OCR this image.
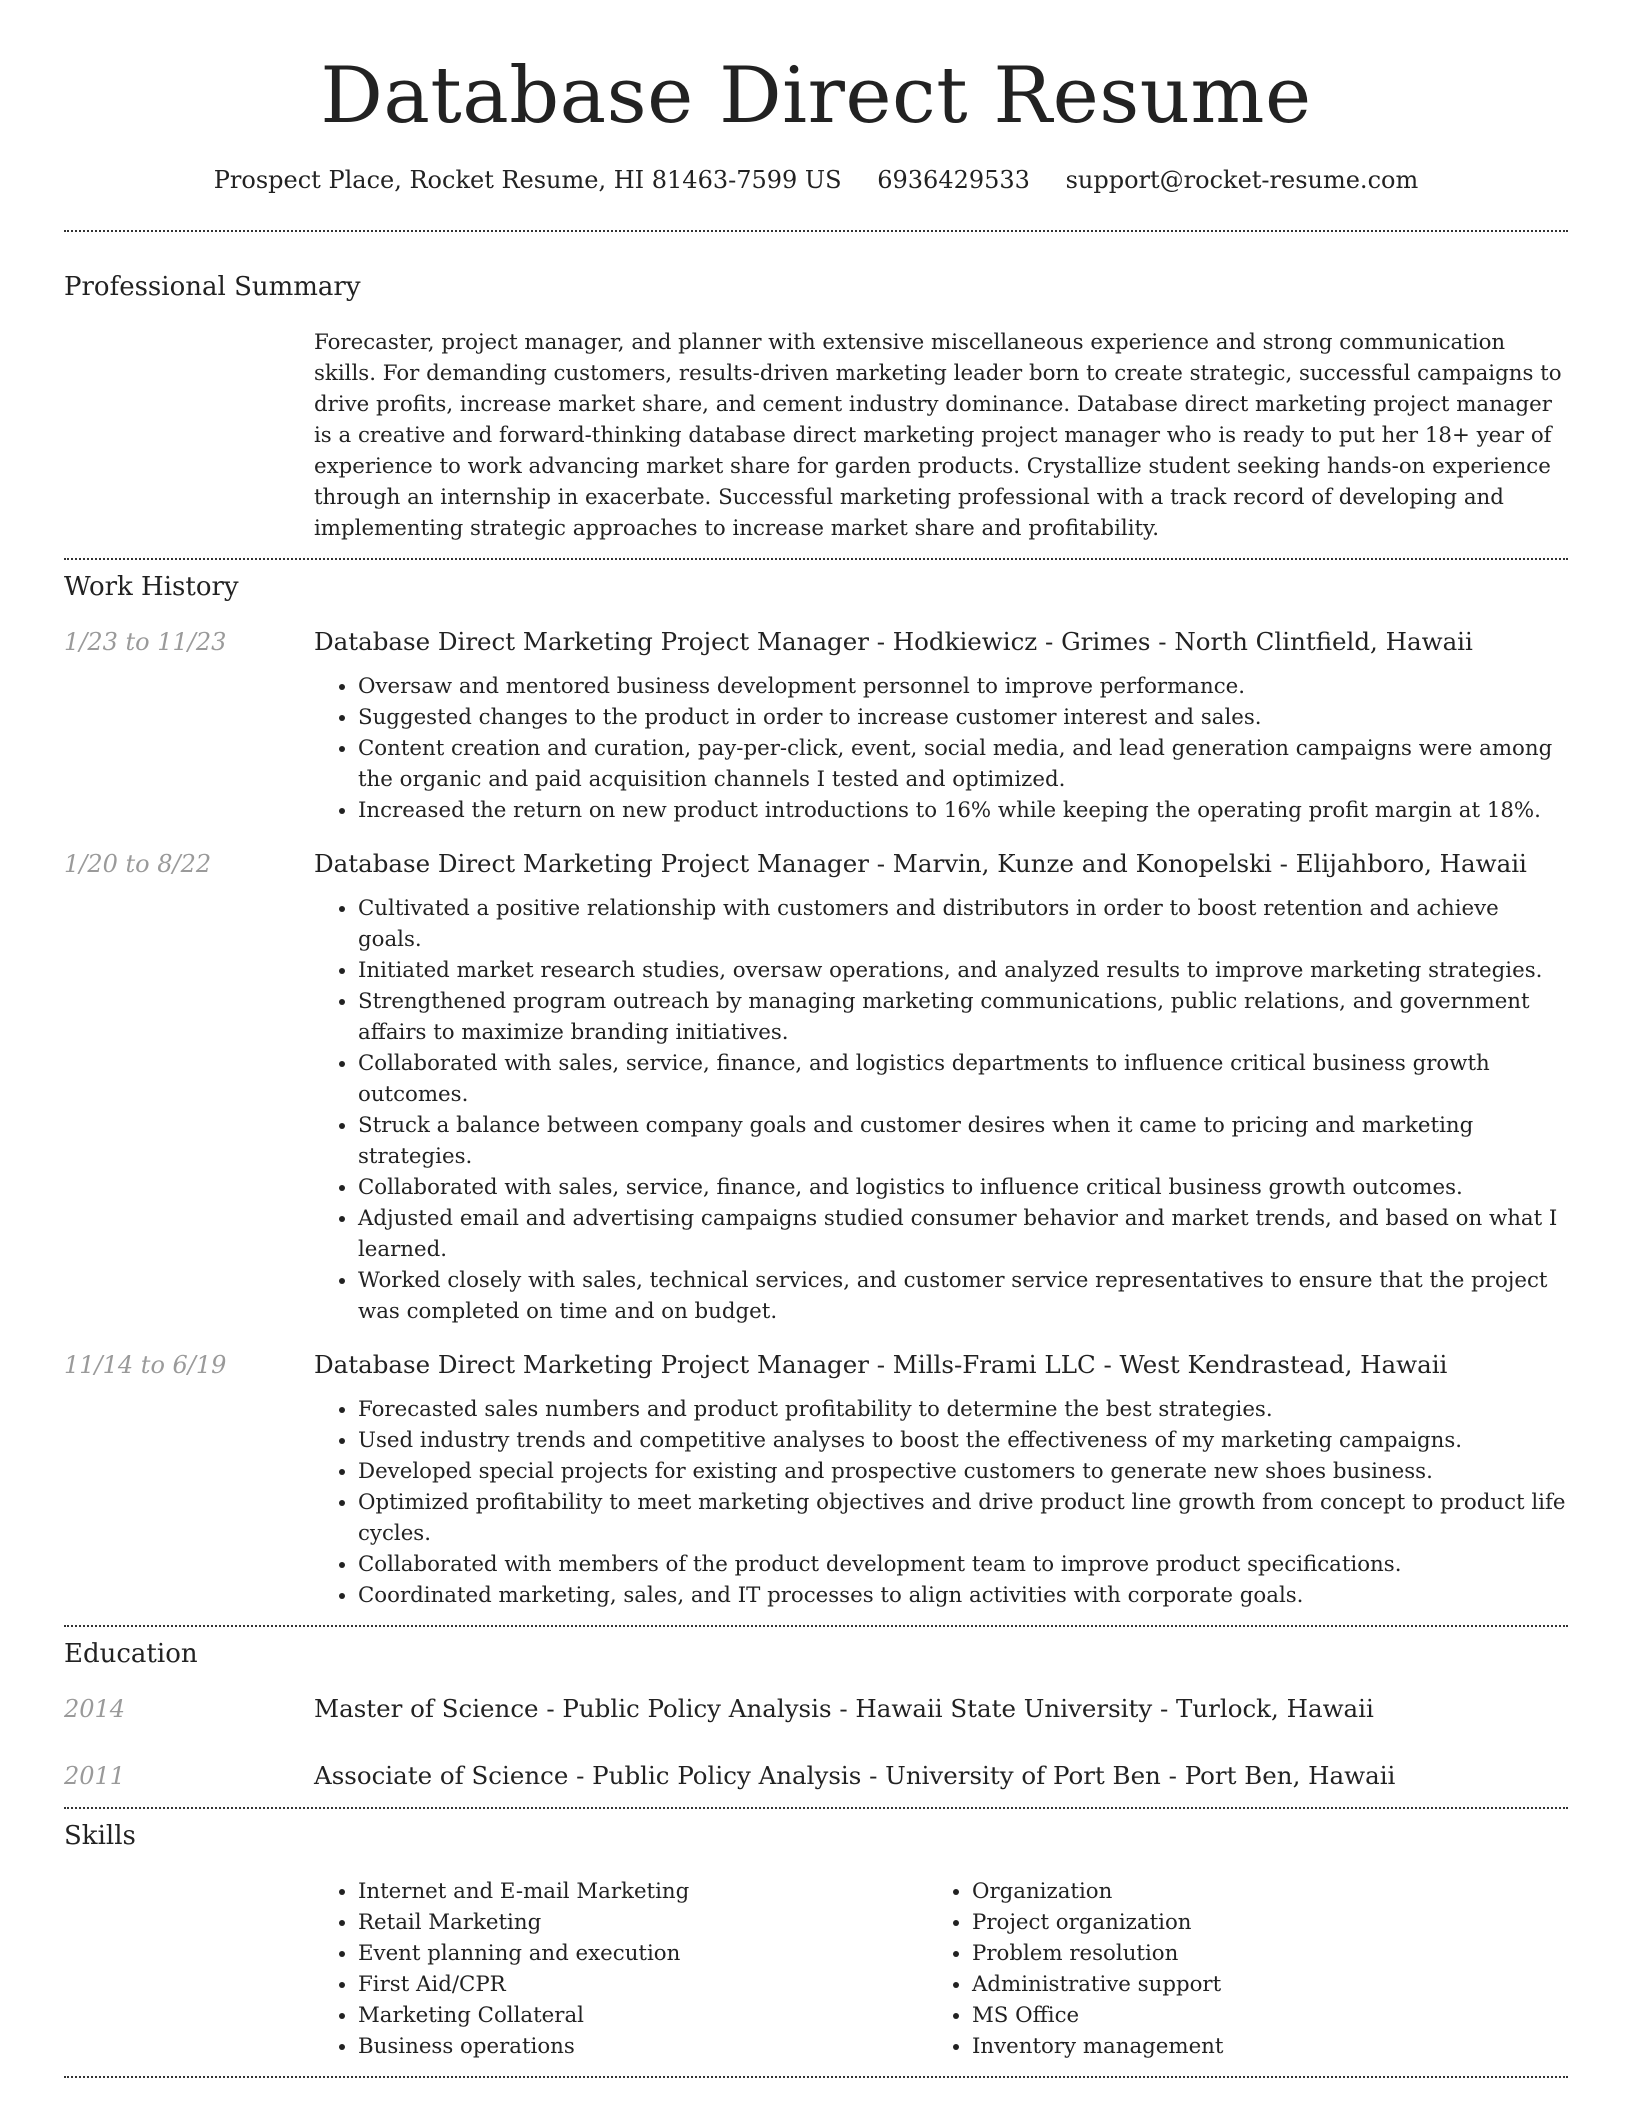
Database Direct Resume
Prospect Place, Rocket Resume, HI 81463-7599 US 6936429533 support@rocket-resume.com
Professional Summary
Forecaster, project manager, and planner with extensive miscellaneous experience and strong communication skills. For demanding customers, results-driven marketing leader born to create strategic, successful campaigns to drive profits, increase market share, and cement industry dominance. Database direct marketing project manager is a creative and forward-thinking database direct marketing project manager who is ready to put her 18+ year of experience to work advancing market share for garden products. Crystallize student seeking hands-on experience through an internship in exacerbate. Successful marketing professional with a track record of developing and implementing strategic approaches to increase market share and profitability.
Work History
1/23 to 11/23	Database Direct Marketing Project Manager - Hodkiewicz - Grimes - North Clintfield, Hawaii
• Oversaw and mentored business development personnel to improve performance.
• Suggested changes to the product in order to increase customer interest and sales.
• Content creation and curation, pay-per-click, event, social media, and lead generation campaigns were among the organic and paid acquisition channels I tested and optimized.
• Increased the return on new product introductions to 16% while keeping the operating profit margin at 18%.
1/20 to 8/22	Database Direct Marketing Project Manager - Marvin, Kunze and Konopelski - Elijahboro, Hawaii
• Cultivated a positive relationship with customers and distributors in order to boost retention and achieve goals.
• Initiated market research studies, oversaw operations, and analyzed results to improve marketing strategies.
• Strengthened program outreach by managing marketing communications, public relations, and government affairs to maximize branding initiatives.
• Collaborated with sales, service, finance, and logistics departments to influence critical business growth outcomes.
• Struck a balance between company goals and customer desires when it came to pricing and marketing strategies.
• Collaborated with sales, service, finance, and logistics to influence critical business growth outcomes.
• Adjusted email and advertising campaigns studied consumer behavior and market trends, and based on what I learned.
• Worked closely with sales, technical services, and customer service representatives to ensure that the project was completed on time and on budget.
11/14 to 6/19	Database Direct Marketing Project Manager - Mills-Frami LLC - West Kendrastead, Hawaii
• Forecasted sales numbers and product profitability to determine the best strategies.
• Used industry trends and competitive analyses to boost the effectiveness of my marketing campaigns.
• Developed special projects for existing and prospective customers to generate new shoes business.
• Optimized profitability to meet marketing objectives and drive product line growth from concept to product life cycles.
• Collaborated with members of the product development team to improve product specifications.
• Coordinated marketing, sales, and IT processes to align activities with corporate goals.
Education
2014	Master of Science - Public Policy Analysis - Hawaii State University - Turlock, Hawaii
2011	Associate of Science - Public Policy Analysis - University of Port Ben - Port Ben, Hawaii
Skills
• Internet and E-mail Marketing
• Retail Marketing
• Event planning and execution
• First Aid/CPR
• Marketing Collateral
• Business operations
• Organization
• Project organization
• Problem resolution
• Administrative support
• MS Office
• Inventory management
